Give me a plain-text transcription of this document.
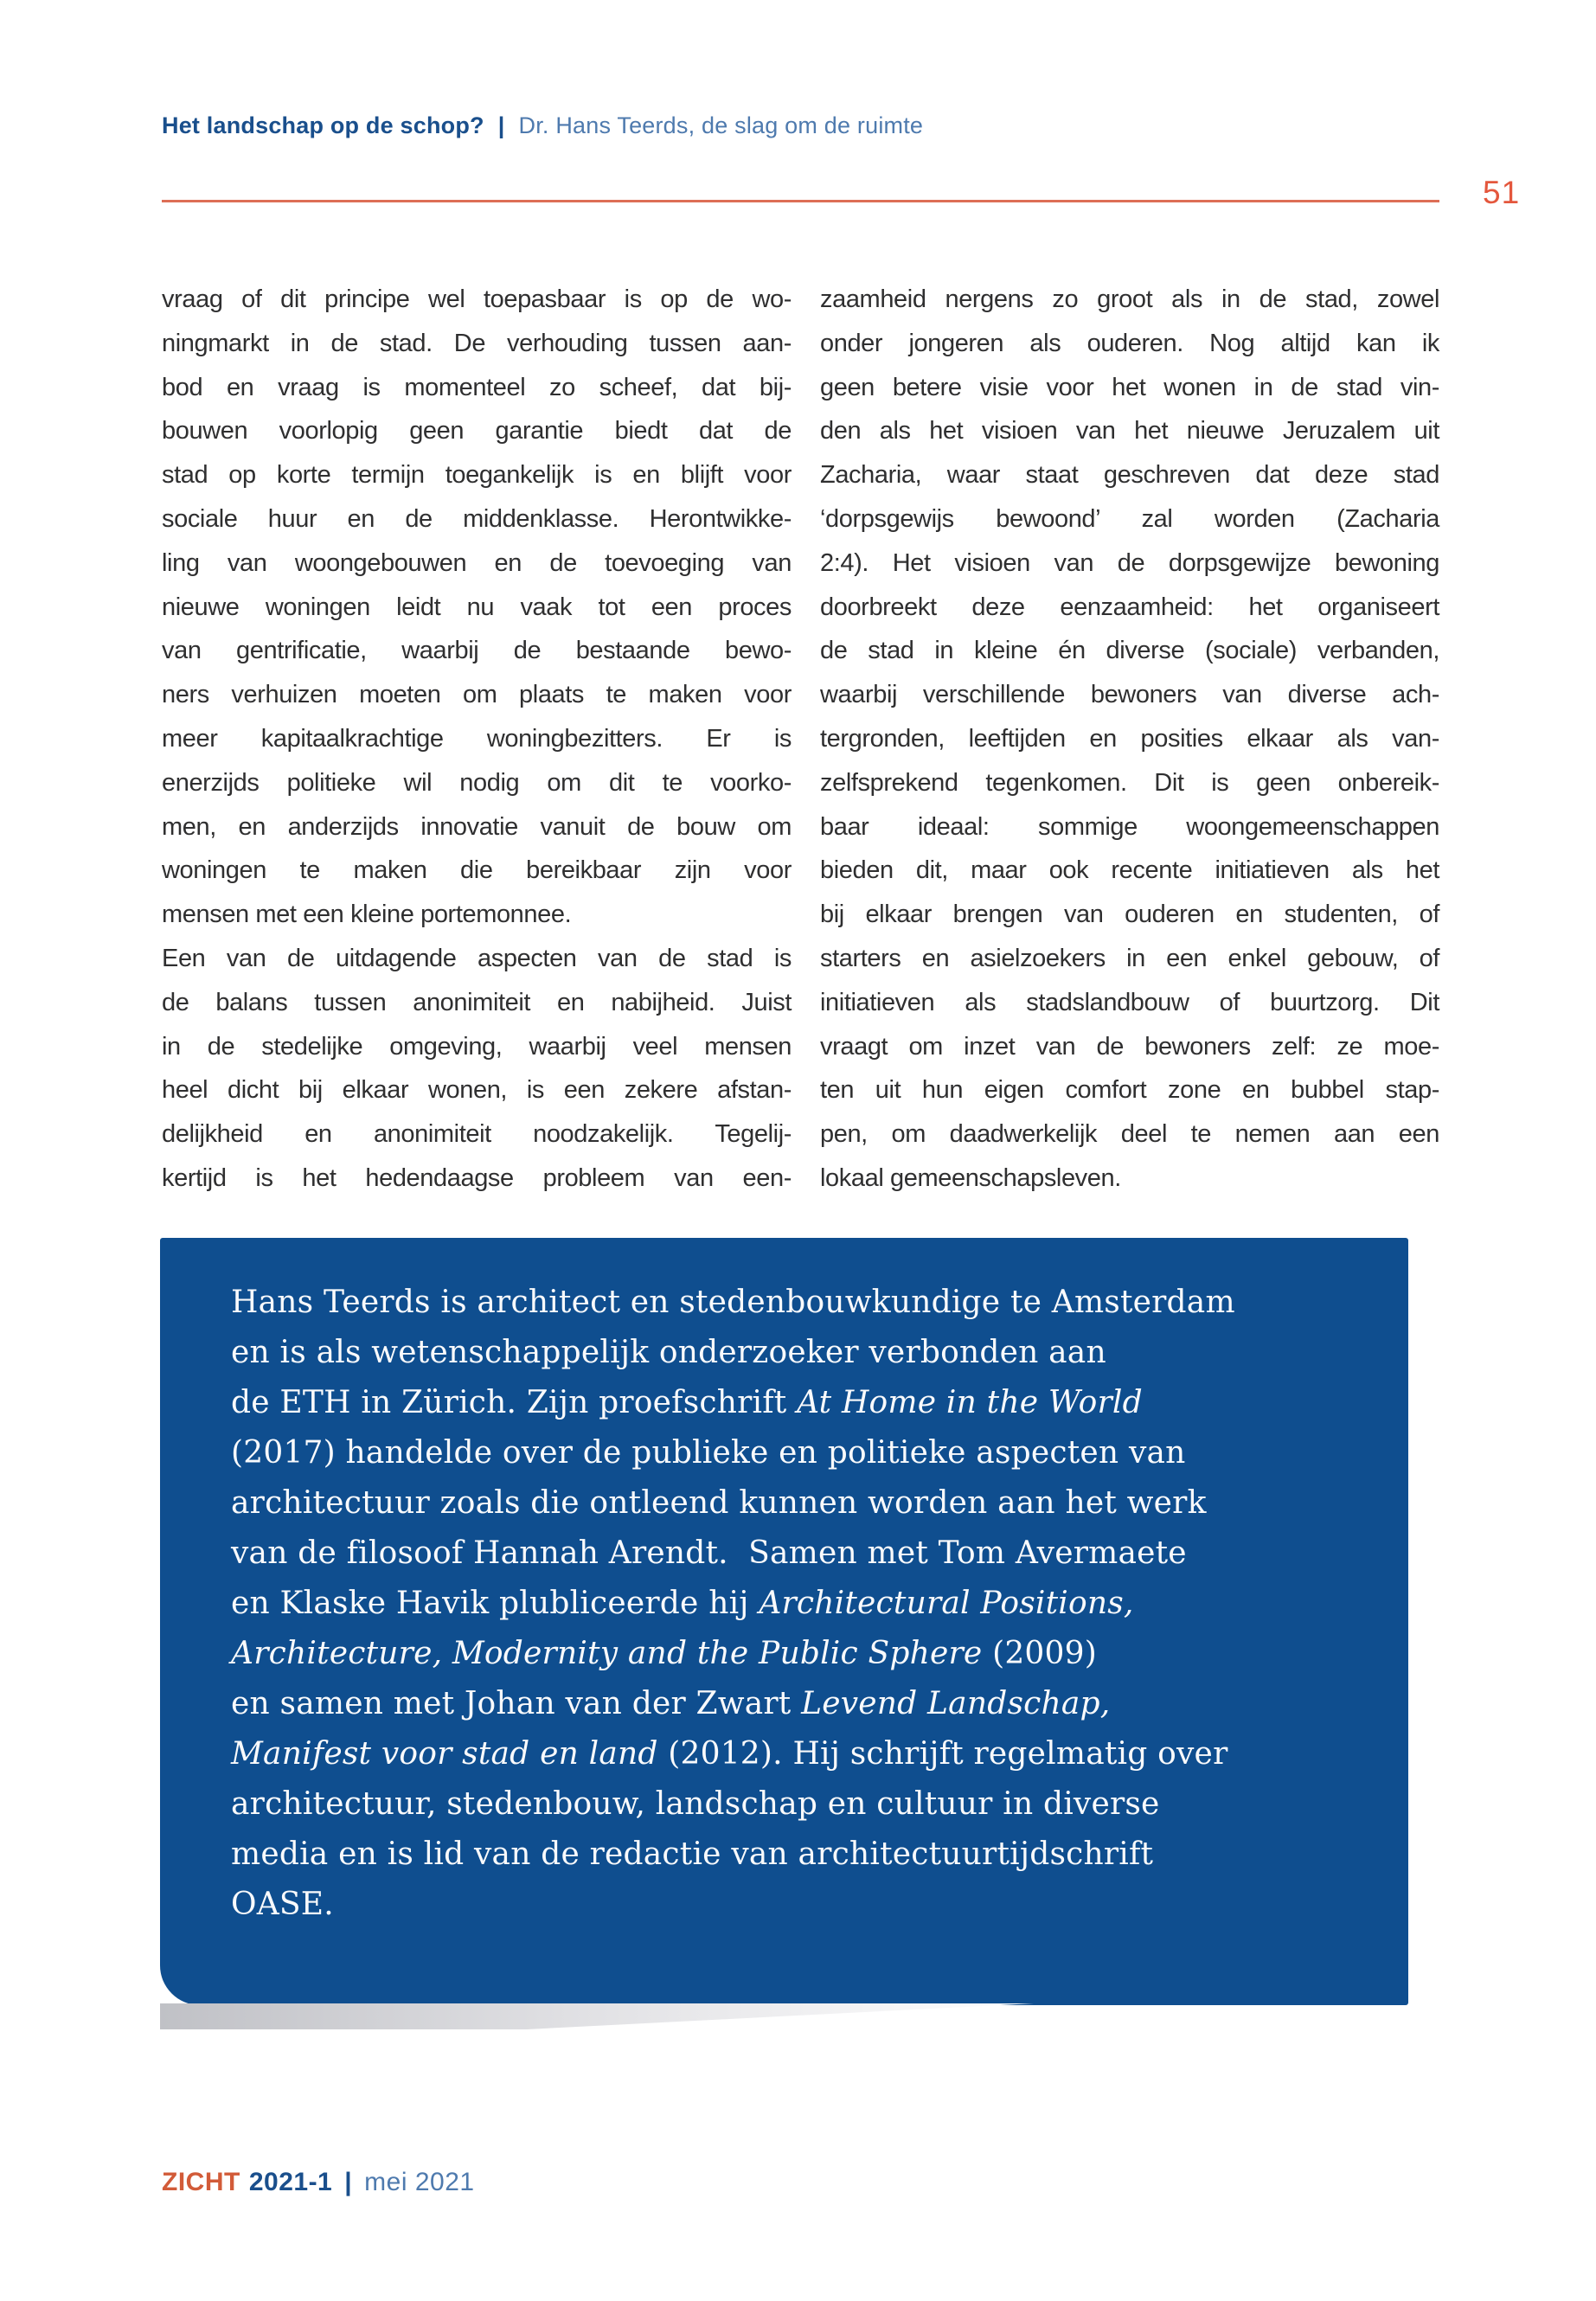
Het landschap op de schop? | Dr. Hans Teerds, de slag om de ruimte
51
vraag of dit principe wel toepasbaar is op de wo-
ningmarkt in de stad. De verhouding tussen aan-
bod en vraag is momenteel zo scheef, dat bij-
bouwen voorlopig geen garantie biedt dat de
stad op korte termijn toegankelijk is en blijft voor
sociale huur en de middenklasse. Herontwikke-
ling van woongebouwen en de toevoeging van
nieuwe woningen leidt nu vaak tot een proces
van gentrificatie, waarbij de bestaande bewo-
ners verhuizen moeten om plaats te maken voor
meer kapitaalkrachtige woningbezitters. Er is
enerzijds politieke wil nodig om dit te voorko-
men, en anderzijds innovatie vanuit de bouw om
woningen te maken die bereikbaar zijn voor
mensen met een kleine portemonnee.
Een van de uitdagende aspecten van de stad is
de balans tussen anonimiteit en nabijheid. Juist
in de stedelijke omgeving, waarbij veel mensen
heel dicht bij elkaar wonen, is een zekere afstan-
delijkheid en anonimiteit noodzakelijk. Tegelij-
kertijd is het hedendaagse probleem van een-
zaamheid nergens zo groot als in de stad, zowel
onder jongeren als ouderen. Nog altijd kan ik
geen betere visie voor het wonen in de stad vin-
den als het visioen van het nieuwe Jeruzalem uit
Zacharia, waar staat geschreven dat deze stad
‘dorpsgewijs bewoond’ zal worden (Zacharia
2:4). Het visioen van de dorpsgewijze bewoning
doorbreekt deze eenzaamheid: het organiseert
de stad in kleine én diverse (sociale) verbanden,
waarbij verschillende bewoners van diverse ach-
tergronden, leeftijden en posities elkaar als van-
zelfsprekend tegenkomen. Dit is geen onbereik-
baar ideaal: sommige woongemeenschappen
bieden dit, maar ook recente initiatieven als het
bij elkaar brengen van ouderen en studenten, of
starters en asielzoekers in een enkel gebouw, of
initiatieven als stadslandbouw of buurtzorg. Dit
vraagt om inzet van de bewoners zelf: ze moe-
ten uit hun eigen comfort zone en bubbel stap-
pen, om daadwerkelijk deel te nemen aan een
lokaal gemeenschapsleven.
Hans Teerds is architect en stedenbouwkundige te Amsterdam
en is als wetenschappelijk onderzoeker verbonden aan
de ETH in Zürich. Zijn proefschrift At Home in the World
(2017) handelde over de publieke en politieke aspecten van
architectuur zoals die ontleend kunnen worden aan het werk
van de filosoof Hannah Arendt.  Samen met Tom Avermaete
en Klaske Havik plubliceerde hij Architectural Positions,
Architecture, Modernity and the Public Sphere (2009)
en samen met Johan van der Zwart Levend Landschap,
Manifest voor stad en land (2012). Hij schrijft regelmatig over
architectuur, stedenbouw, landschap en cultuur in diverse
media en is lid van de redactie van architectuurtijdschrift
OASE.
ZICHT 2021-1 | mei 2021
